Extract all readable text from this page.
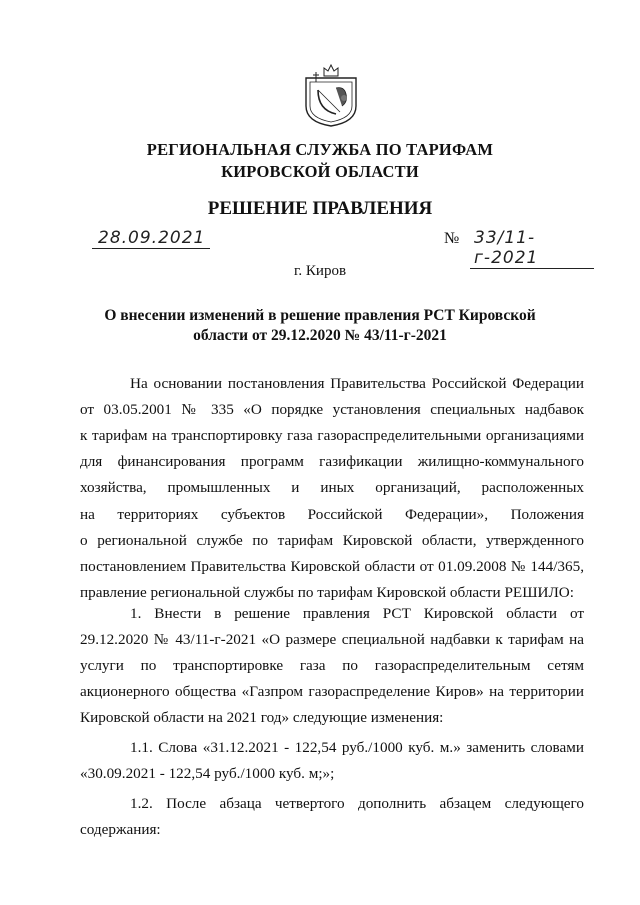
РЕГИОНАЛЬНАЯ СЛУЖБА ПО ТАРИФАМ
КИРОВСКОЙ ОБЛАСТИ
РЕШЕНИЕ ПРАВЛЕНИЯ
28.09.2021	№ 33/11-г-2021
г. Киров
О внесении изменений в решение правления РСТ Кировской
области от 29.12.2020 № 43/11-г-2021
На основании постановления Правительства Российской Федерации
от 03.05.2001 № 335 «О порядке установления специальных надбавок
к тарифам на транспортировку газа газораспределительными организациями
для финансирования программ газификации жилищно-коммунального
хозяйства, промышленных и иных организаций, расположенных
на территориях субъектов Российской Федерации», Положения
о региональной службе по тарифам Кировской области, утвержденного
постановлением Правительства Кировской области от 01.09.2008 № 144/365,
правление региональной службы по тарифам Кировской области РЕШИЛО:
1. Внести в решение правления РСТ Кировской области от
29.12.2020 № 43/11-г-2021 «О размере специальной надбавки к тарифам на
услуги по транспортировке газа по газораспределительным сетям
акционерного общества «Газпром газораспределение Киров» на территории
Кировской области на 2021 год» следующие изменения:
1.1. Слова «31.12.2021 - 122,54 руб./1000 куб. м.» заменить словами
«30.09.2021 - 122,54 руб./1000 куб. м;»;
1.2. После абзаца четвертого дополнить абзацем следующего
содержания:
